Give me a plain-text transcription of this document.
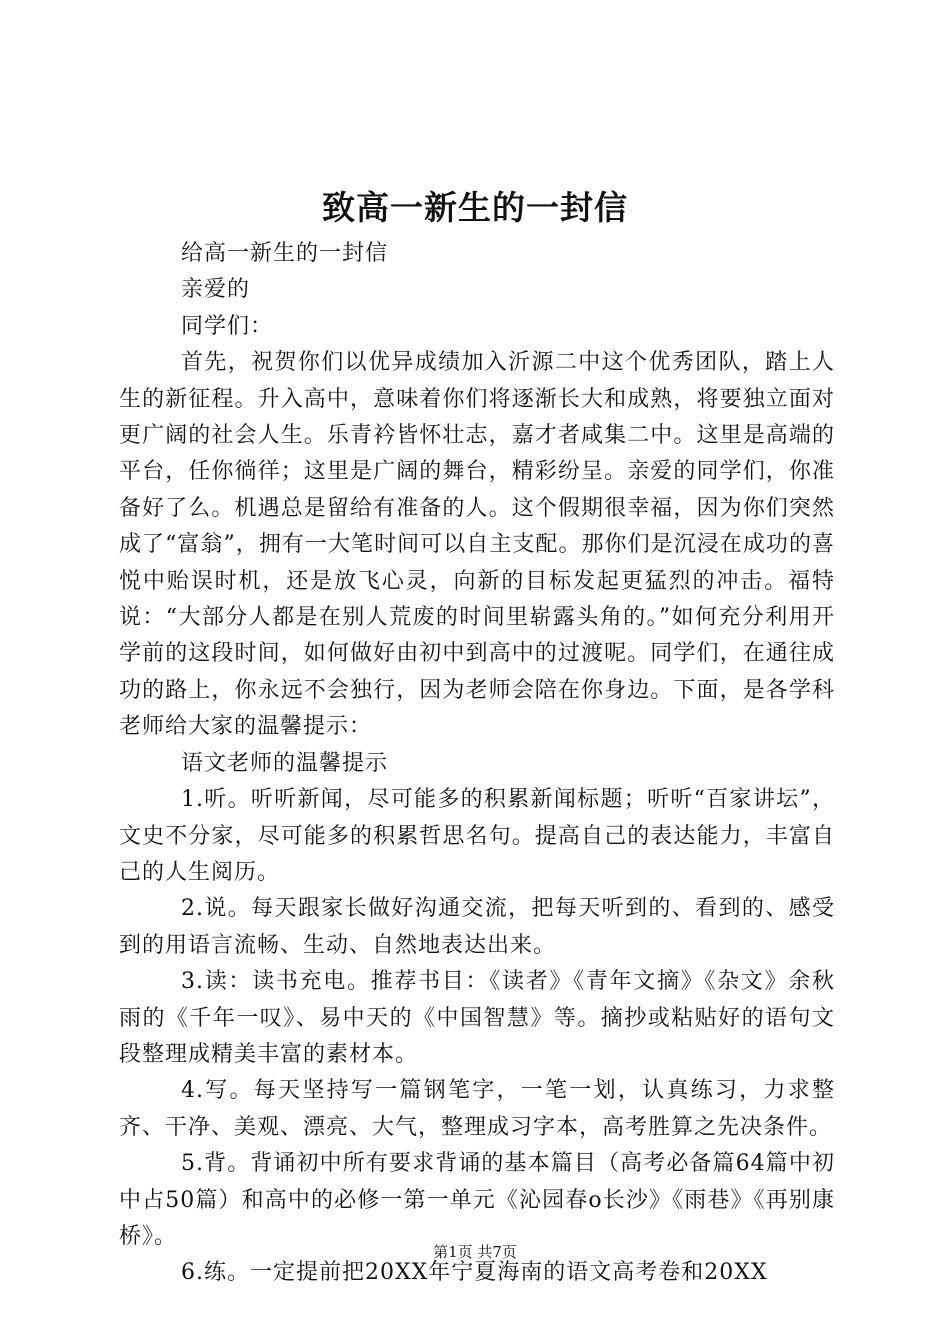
致高一新生的一封信

给高一新生的一封信

亲爱的

同学们：

首先，祝贺你们以优异成绩加入沂源二中这个优秀团队，踏上人生的新征程。升入高中，意味着你们将逐渐长大和成熟，将要独立面对更广阔的社会人生。乐青衿皆怀壮志，嘉才者咸集二中。这里是高端的平台，任你徜徉；这里是广阔的舞台，精彩纷呈。亲爱的同学们，你准备好了么。机遇总是留给有准备的人。这个假期很幸福，因为你们突然成了“富翁”，拥有一大笔时间可以自主支配。那你们是沉浸在成功的喜悦中贻误时机，还是放飞心灵，向新的目标发起更猛烈的冲击。福特说：“大部分人都是在别人荒废的时间里崭露头角的。”如何充分利用开学前的这段时间，如何做好由初中到高中的过渡呢。同学们，在通往成功的路上，你永远不会独行，因为老师会陪在你身边。下面，是各学科老师给大家的温馨提示：

语文老师的温馨提示

1.听。听听新闻，尽可能多的积累新闻标题；听听“百家讲坛”，文史不分家，尽可能多的积累哲思名句。提高自己的表达能力，丰富自己的人生阅历。

2.说。每天跟家长做好沟通交流，把每天听到的、看到的、感受到的用语言流畅、生动、自然地表达出来。

3.读：读书充电。推荐书目：《读者》《青年文摘》《杂文》余秋雨的《千年一叹》、易中天的《中国智慧》等。摘抄或粘贴好的语句文段整理成精美丰富的素材本。

4.写。每天坚持写一篇钢笔字，一笔一划，认真练习，力求整齐、干净、美观、漂亮、大气，整理成习字本，高考胜算之先决条件。

5.背。背诵初中所有要求背诵的基本篇目（高考必备篇64篇中初中占50篇）和高中的必修一第一单元《沁园春o长沙》《雨巷》《再别康桥》。

6.练。一定提前把20XX年宁夏海南的语文高考卷和20XX

第1页 共7页
